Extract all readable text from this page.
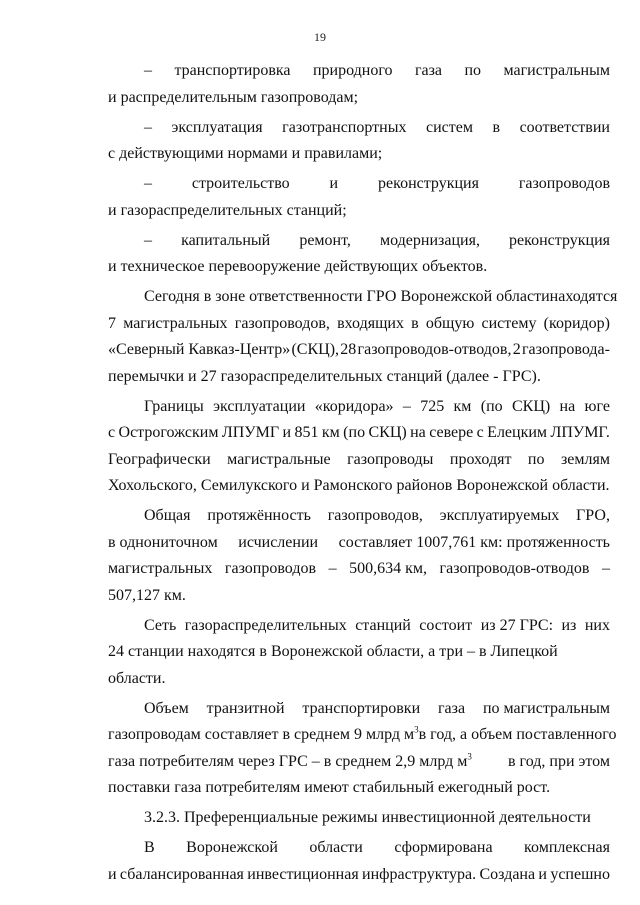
19
– транспортировка природного газа по магистральным
и распределительным газопроводам;
– эксплуатация газотранспортных систем в соответствии
с действующими нормами и правилами;
– строительство и реконструкция газопроводов
и газораспределительных станций;
– капитальный ремонт, модернизация, реконструкция
и техническое перевооружение действующих объектов.
Сегодня в зоне ответственности ГРО Воронежской области находятся
7 магистральных газопроводов, входящих в общую систему (коридор)
«Северный Кавказ-Центр» (СКЦ), 28 газопроводов-отводов, 2 газопровода-
перемычки и 27 газораспределительных станций (далее - ГРС).
Границы эксплуатации «коридора» – 725 км (по СКЦ) на юге
с Острогожским ЛПУМГ и 851 км (по СКЦ) на севере с Елецким ЛПУМГ.
Географически магистральные газопроводы проходят по землям
Хохольского, Семилукского и Рамонского районов Воронежской области.
Общая протяжённость газопроводов, эксплуатируемых ГРО,
в однониточном исчислении составляет 1007,761 км: протяженность
магистральных газопроводов – 500,634 км, газопроводов-отводов –
507,127 км.
Сеть газораспределительных станций состоит из 27 ГРС: из них
24 станции находятся в Воронежской области, а три – в Липецкой области.
Объем транзитной транспортировки газа по магистральным
газопроводам составляет в среднем 9 млрд $м^3$ в год, а объем поставленного
газа потребителям через ГРС – в среднем 2,9 млрд $м^3$ в год, при этом
поставки газа потребителям имеют стабильный ежегодный рост.
3.2.3. Преференциальные режимы инвестиционной деятельности
В Воронежской области сформирована комплексная
и сбалансированная инвестиционная инфраструктура. Создана и успешно
